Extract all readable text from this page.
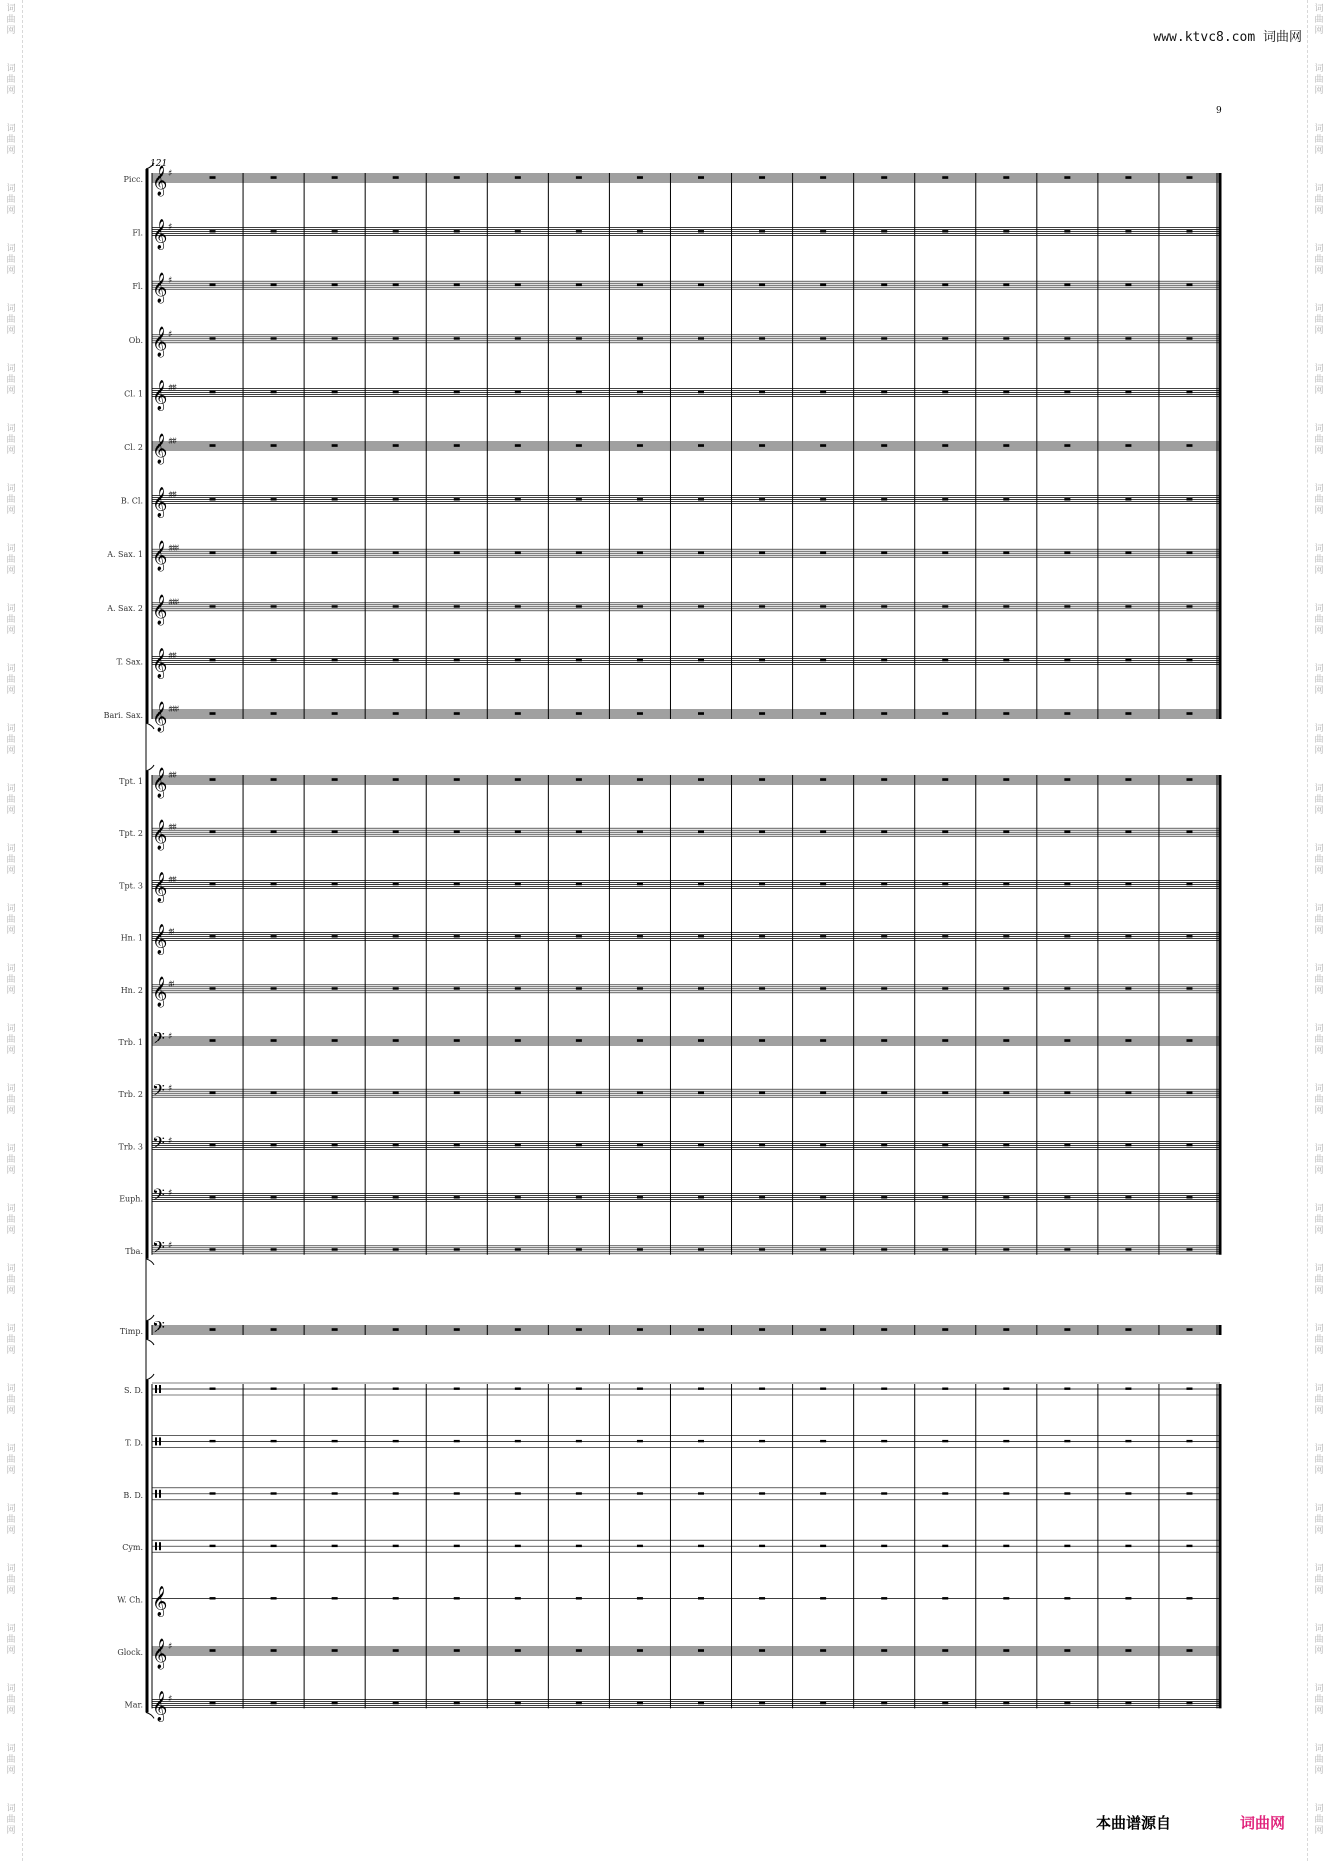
词
曲
网
词
曲
网
词
曲
网
词
曲
网
词
曲
网
词
曲
网
词
曲
网
词
曲
网
词
曲
网
词
曲
网
词
曲
网
词
曲
网
词
曲
网
词
曲
网
词
曲
网
词
曲
网
词
曲
网
词
曲
网
词
曲
网
词
曲
网
词
曲
网
词
曲
网
词
曲
网
词
曲
网
词
曲
网
词
曲
网
词
曲
网
词
曲
网
词
曲
网
词
曲
网
词
曲
网
词
曲
网
词
曲
网
词
曲
网
词
曲
网
词
曲
网
词
曲
网
词
曲
网
词
曲
网
词
曲
网
词
曲
网
词
曲
网
词
曲
网
词
曲
网
词
曲
网
词
曲
网
词
曲
网
词
曲
网
词
曲
网
词
曲
网
词
曲
网
词
曲
网
词
曲
网
词
曲
网
词
曲
网
词
曲
网
词
曲
网
词
曲
网
词
曲
网
词
曲
网
词
曲
网
词
曲
网
www.ktvc8.com 词曲网
9
Picc. 𝄞 ♯
121
Fl. 𝄞 ♯
Fl. 𝄞 ♯
Ob. 𝄞 ♯
Cl. 1 𝄞 ♯♯♯
Cl. 2 𝄞 ♯♯♯
B. Cl. 𝄞 ♯♯♯
A. Sax. 1 𝄞 ♯♯♯♯
A. Sax. 2 𝄞 ♯♯♯♯
T. Sax. 𝄞 ♯♯♯
Bari. Sax. 𝄞 ♯♯♯♯
Tpt. 1 𝄞 ♯♯♯
Tpt. 2 𝄞 ♯♯♯
Tpt. 3 𝄞 ♯♯♯
Hn. 1 𝄞 ♯♯
Hn. 2 𝄞 ♯♯
Trb. 1 𝄢 ♯
Trb. 2 𝄢 ♯
Trb. 3 𝄢 ♯
Euph. 𝄢 ♯
Tba. 𝄢 ♯
Timp. 𝄢
S. D.
T. D.
B. D.
Cym.
W. Ch. 𝄞
Glock. 𝄞 ♯
Mar. 𝄞 ♯
本曲谱源自	词曲网
